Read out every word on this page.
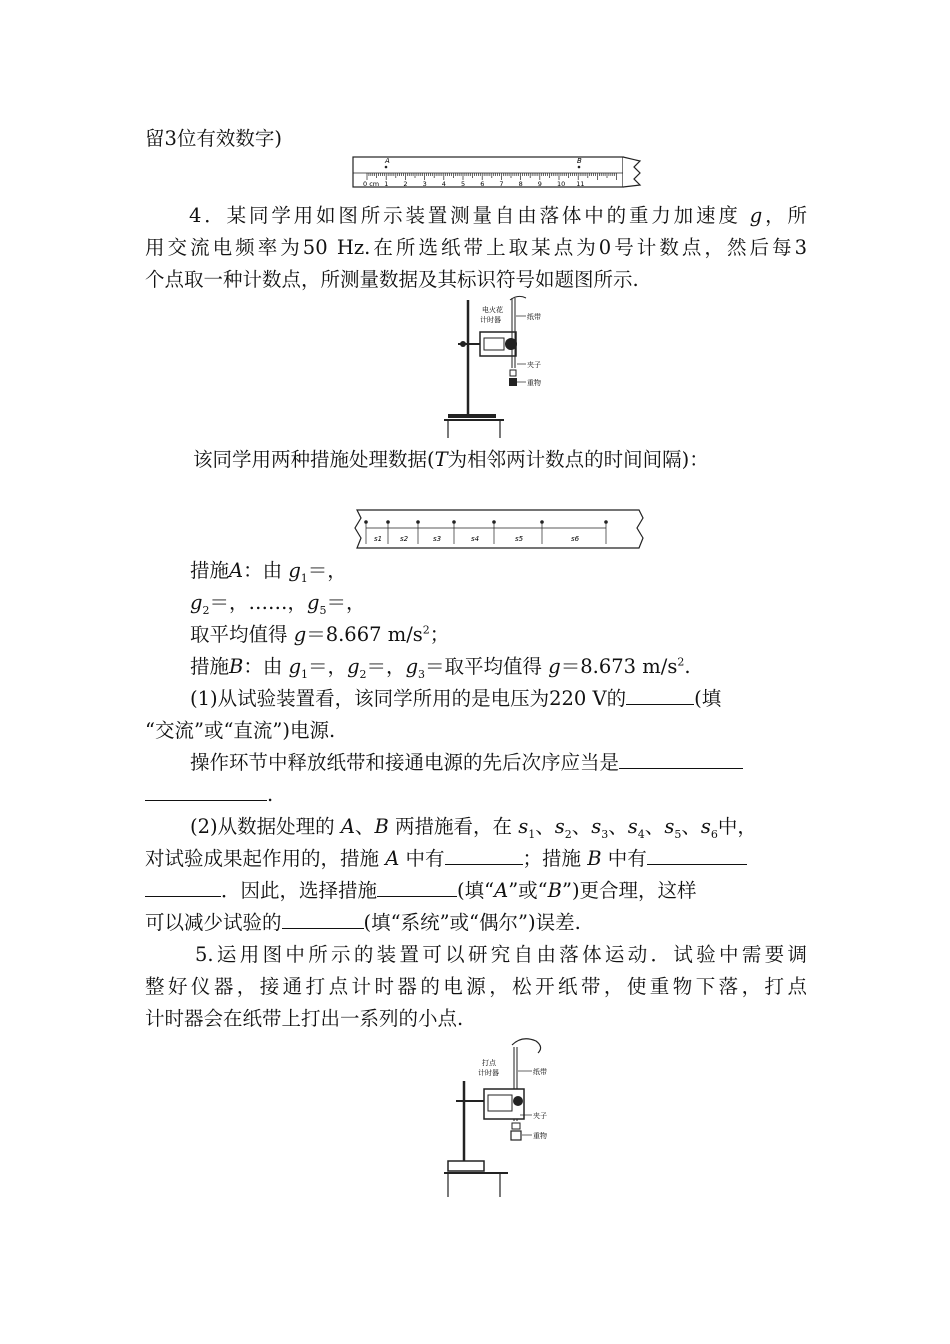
留3位有效数字)
A	B
0 cm 1 2 3 4 5 6 7 8 9 10 11
4．某同学用如图所示装置测量自由落体中的重力加速度 g，所
用交流电频率为50 Hz.在所选纸带上取某点为0号计数点，然后每3
个点取一种计数点，所测量数据及其标识符号如题图所示.
电火花
计时器	纸带
夹子
重物
该同学用两种措施处理数据(T为相邻两计数点的时间间隔)：
s1	s2	s3	s4	s5	s6
措施A：由 $g_1=$，
$g_2=$，……，$g_5=$，
取平均值得 g＝8.667 $m/s^2$；
措施B：由 $g_1=$，$g_2=$，$g_3=$取平均值得 g＝8.673 $m/s^2$.
(1)从试验装置看，该同学所用的是电压为220 V的	(填
“交流”或“直流”)电源.
操作环节中释放纸带和接通电源的先后次序应当是
.
(2)从数据处理的 A、B 两措施看，在 $s_1$、$s_2$、$s_3$、$s_4$、$s_5$、$s_6$中，
对试验成果起作用的，措施 A 中有	；措施 B 中有
．因此，选择措施	(填“A”或“B”)更合理，这样
可以减少试验的	(填“系统”或“偶尔”)误差.
5.运用图中所示的装置可以研究自由落体运动．试验中需要调
整好仪器，接通打点计时器的电源，松开纸带，使重物下落，打点
计时器会在纸带上打出一系列的小点.
打点
计时器	纸带
夹子
重物
